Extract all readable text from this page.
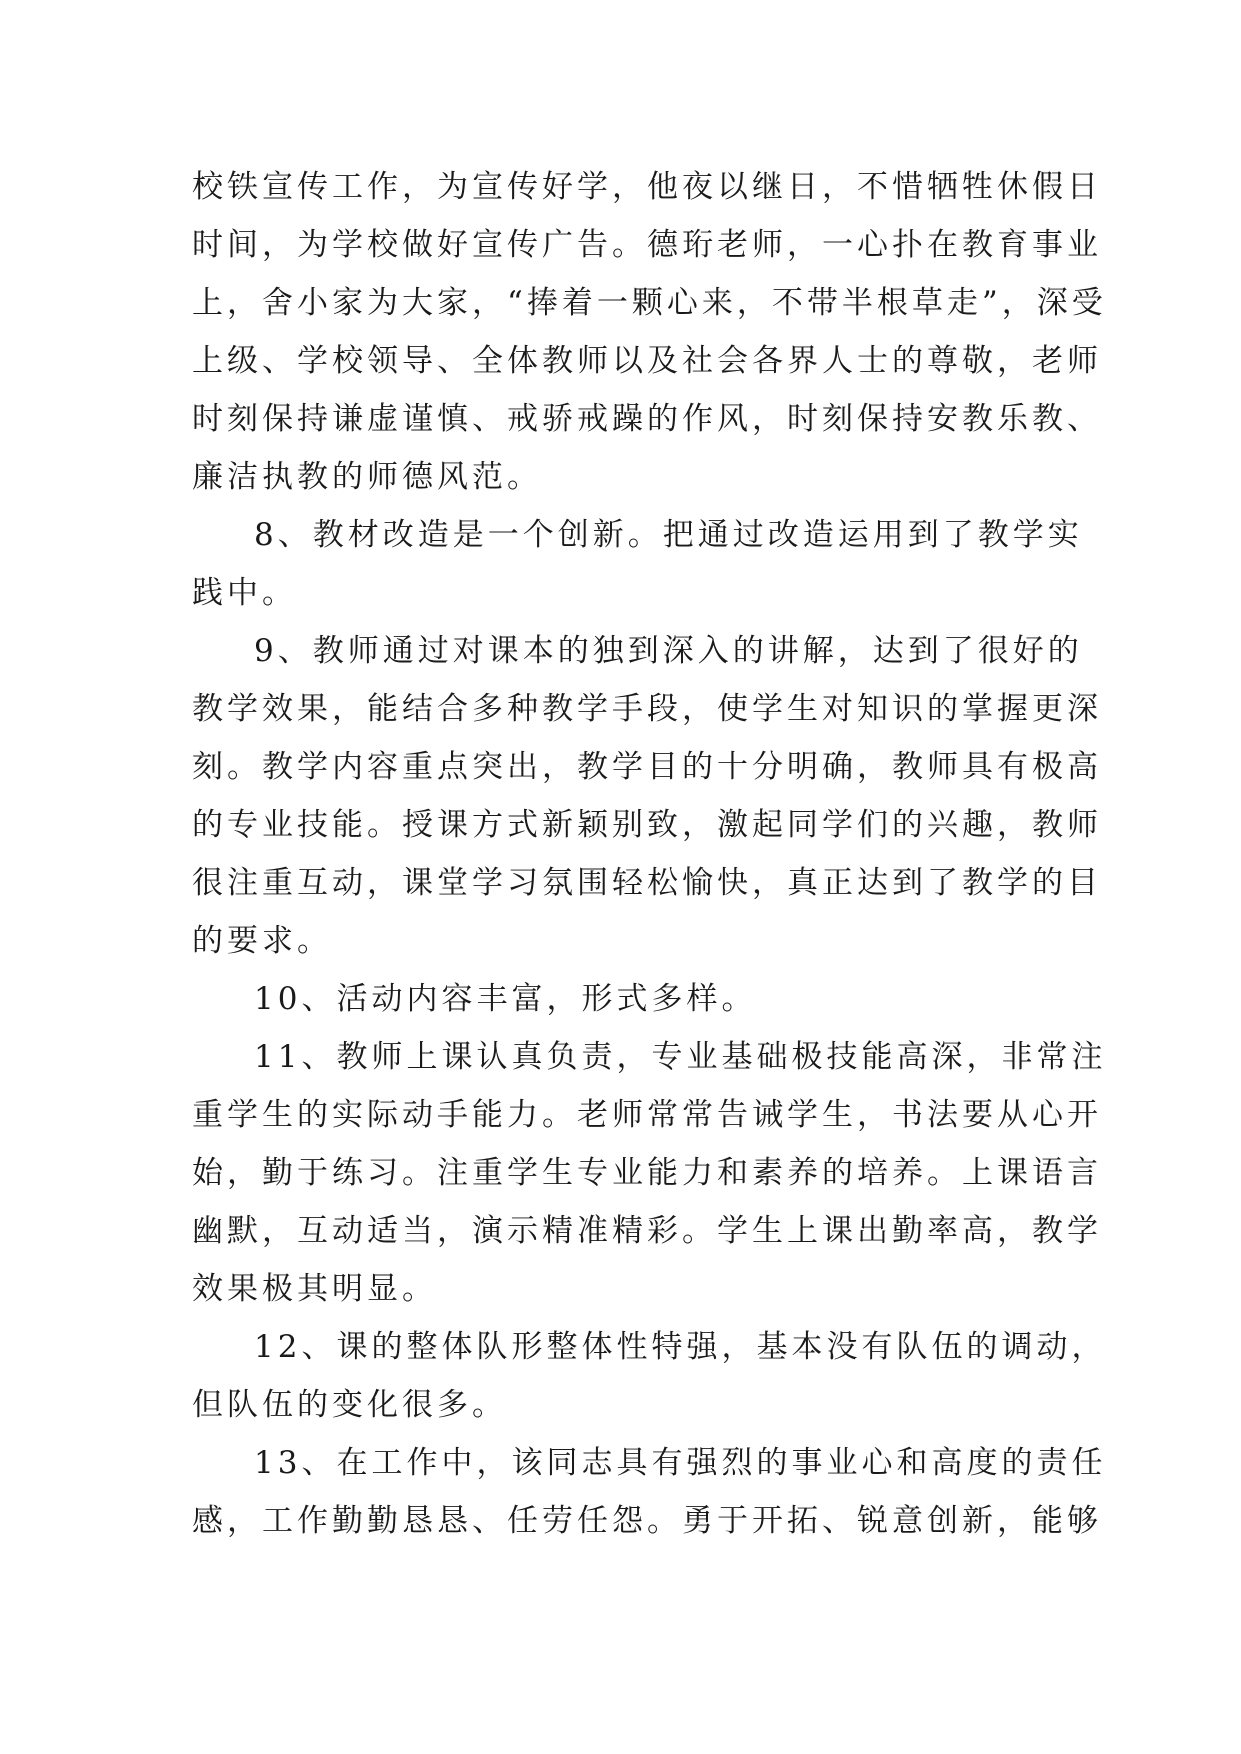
校铁宣传工作，为宣传好学，他夜以继日，不惜牺牲休假日
时间，为学校做好宣传广告。德珩老师，一心扑在教育事业
上，舍小家为大家，“捧着一颗心来，不带半根草走”，深受
上级、学校领导、全体教师以及社会各界人士的尊敬，老师
时刻保持谦虚谨慎、戒骄戒躁的作风，时刻保持安教乐教、
廉洁执教的师德风范。
8、教材改造是一个创新。把通过改造运用到了教学实
践中。
9、教师通过对课本的独到深入的讲解，达到了很好的
教学效果，能结合多种教学手段，使学生对知识的掌握更深
刻。教学内容重点突出，教学目的十分明确，教师具有极高
的专业技能。授课方式新颖别致，激起同学们的兴趣，教师
很注重互动，课堂学习氛围轻松愉快，真正达到了教学的目
的要求。
10、活动内容丰富，形式多样。
11、教师上课认真负责，专业基础极技能高深，非常注
重学生的实际动手能力。老师常常告诫学生，书法要从心开
始，勤于练习。注重学生专业能力和素养的培养。上课语言
幽默，互动适当，演示精准精彩。学生上课出勤率高，教学
效果极其明显。
12、课的整体队形整体性特强，基本没有队伍的调动，
但队伍的变化很多。
13、在工作中，该同志具有强烈的事业心和高度的责任
感，工作勤勤恳恳、任劳任怨。勇于开拓、锐意创新，能够
